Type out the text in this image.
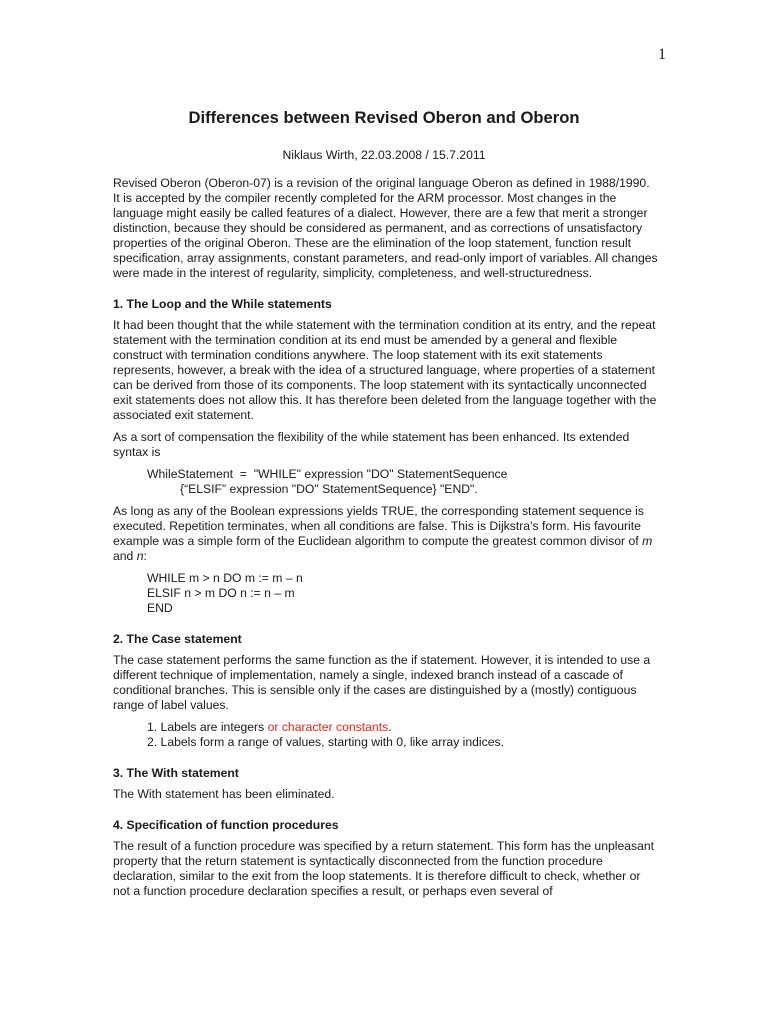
1
Differences between Revised Oberon and Oberon
Niklaus Wirth, 22.03.2008 / 15.7.2011

Revised Oberon (Oberon-07) is a revision of the original language Oberon as defined in 1988/1990. It is accepted by the compiler recently completed for the ARM processor. Most changes in the language might easily be called features of a dialect. However, there are a few that merit a stronger distinction, because they should be considered as permanent, and as corrections of unsatisfactory properties of the original Oberon. These are the elimination of the loop statement, function result specification, array assignments, constant parameters, and read-only import of variables. All changes were made in the interest of regularity, simplicity, completeness, and well-structuredness.

1. The Loop and the While statements

It had been thought that the while statement with the termination condition at its entry, and the repeat statement with the termination condition at its end must be amended by a general and flexible construct with termination conditions anywhere. The loop statement with its exit statements represents, however, a break with the idea of a structured language, where properties of a statement can be derived from those of its components. The loop statement with its syntactically unconnected exit statements does not allow this. It has therefore been deleted from the language together with the associated exit statement.

As a sort of compensation the flexibility of the while statement has been enhanced. Its extended syntax is

WhileStatement  =  "WHILE" expression "DO" StatementSequence
{“ELSIF” expression "DO" StatementSequence} "END".

As long as any of the Boolean expressions yields TRUE, the corresponding statement sequence is executed. Repetition terminates, when all conditions are false. This is Dijkstra’s form. His favourite example was a simple form of the Euclidean algorithm to compute the greatest common divisor of m and n:

WHILE m > n DO m := m – n
ELSIF n > m DO n := n – m
END
2. The Case statement

The case statement performs the same function as the if statement. However, it is intended to use a different technique of implementation, namely a single, indexed branch instead of a cascade of conditional branches. This is sensible only if the cases are distinguished by a (mostly) contiguous range of label values.

1. Labels are integers or character constants.
2. Labels form a range of values, starting with 0, like array indices.
3. The With statement

The With statement has been eliminated.

4. Specification of function procedures

The result of a function procedure was specified by a return statement. This form has the unpleasant property that the return statement is syntactically disconnected from the function procedure declaration, similar to the exit from the loop statements. It is therefore difficult to check, whether or not a function procedure declaration specifies a result, or perhaps even several of
